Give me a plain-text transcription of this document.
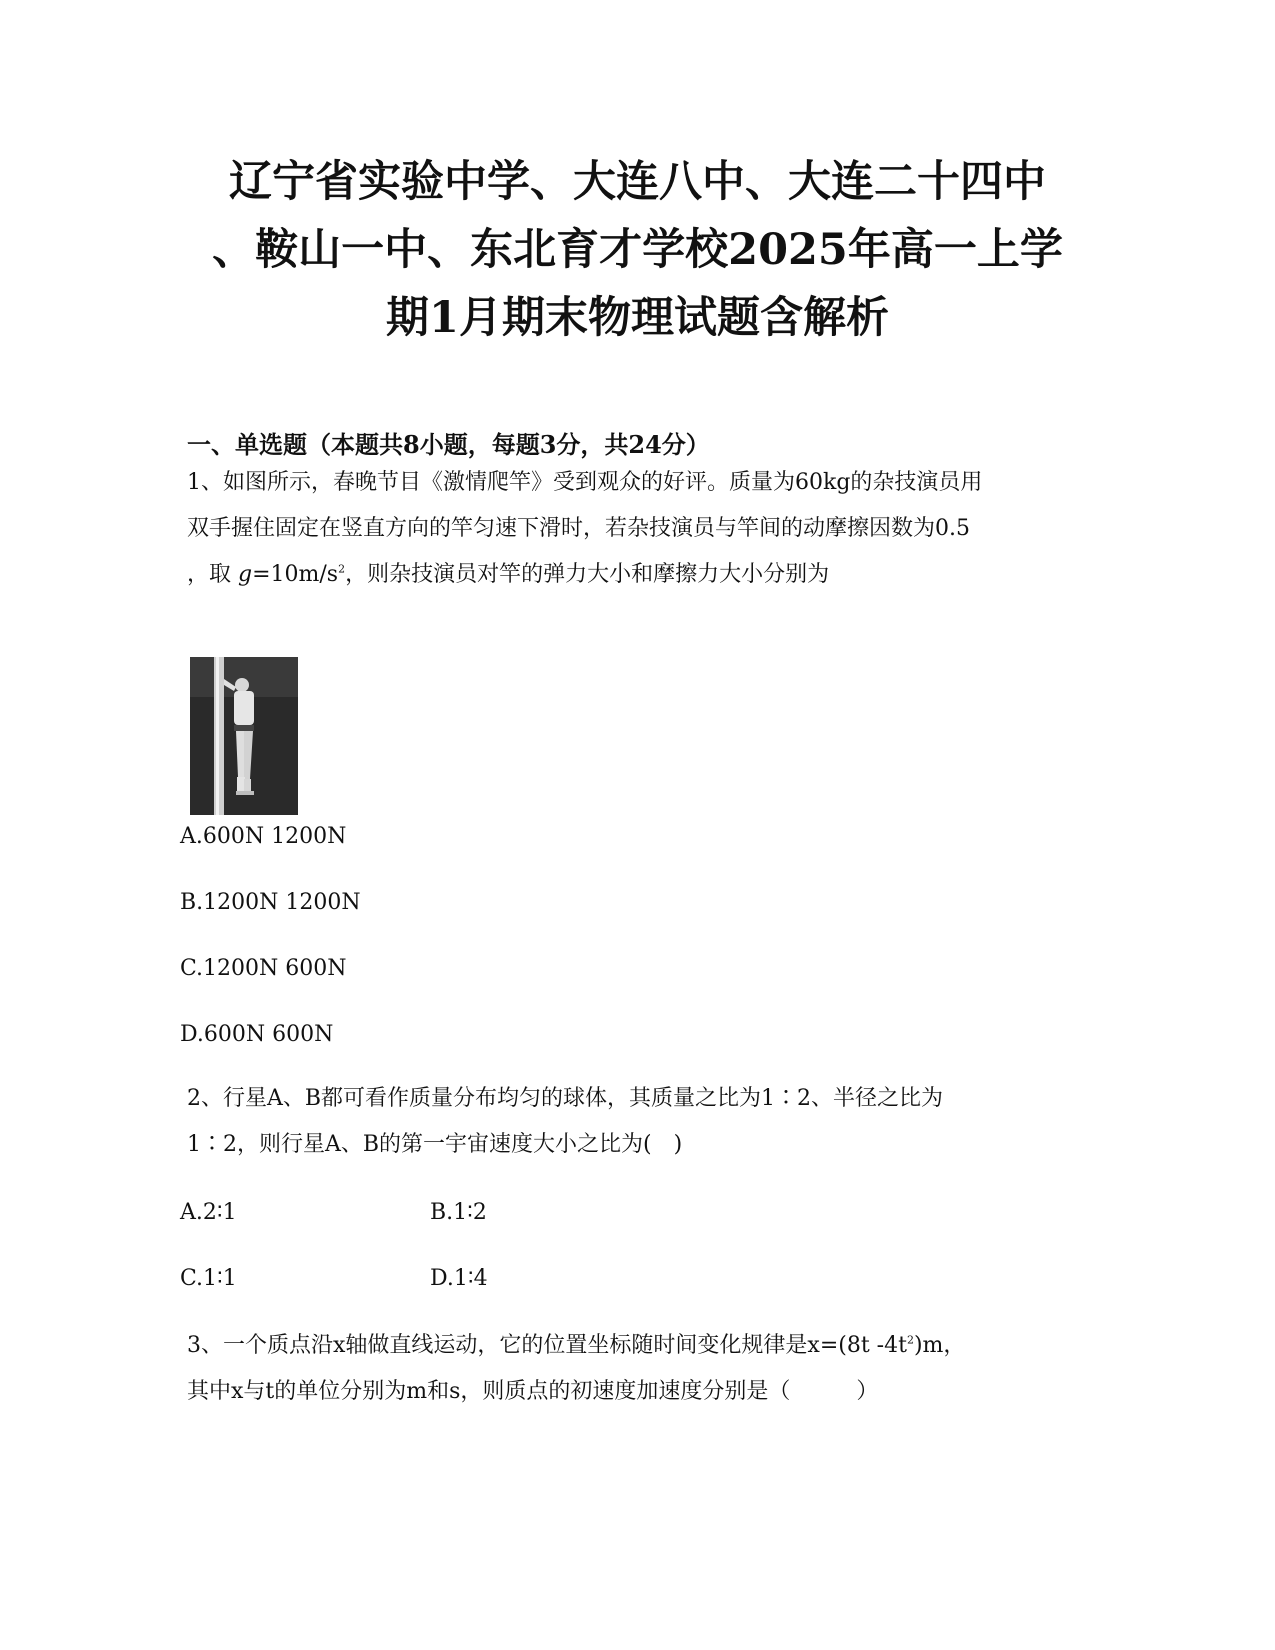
辽宁省实验中学、大连八中、大连二十四中
、鞍山一中、东北育才学校2025年高一上学
期1月期末物理试题含解析
一、单选题（本题共8小题，每题3分，共24分）
1、如图所示，春晚节目《激情爬竿》受到观众的好评。质量为60kg的杂技演员用
双手握住固定在竖直方向的竿匀速下滑时，若杂技演员与竿间的动摩擦因数为0.5
，取 $g=10m/s^2$，则杂技演员对竿的弹力大小和摩擦力大小分别为
A.600N 1200N
B.1200N 1200N
C.1200N 600N
D.600N 600N
2、行星A、B都可看作质量分布均匀的球体，其质量之比为1∶2、半径之比为
1∶2，则行星A、B的第一宇宙速度大小之比为(　)
A.2∶1	B.1∶2
C.1∶1	D.1∶4
3、一个质点沿x轴做直线运动，它的位置坐标随时间变化规律是x=(8t $-4t^2)m$，
其中x与t的单位分别为m和s，则质点的初速度加速度分别是（　　　）
